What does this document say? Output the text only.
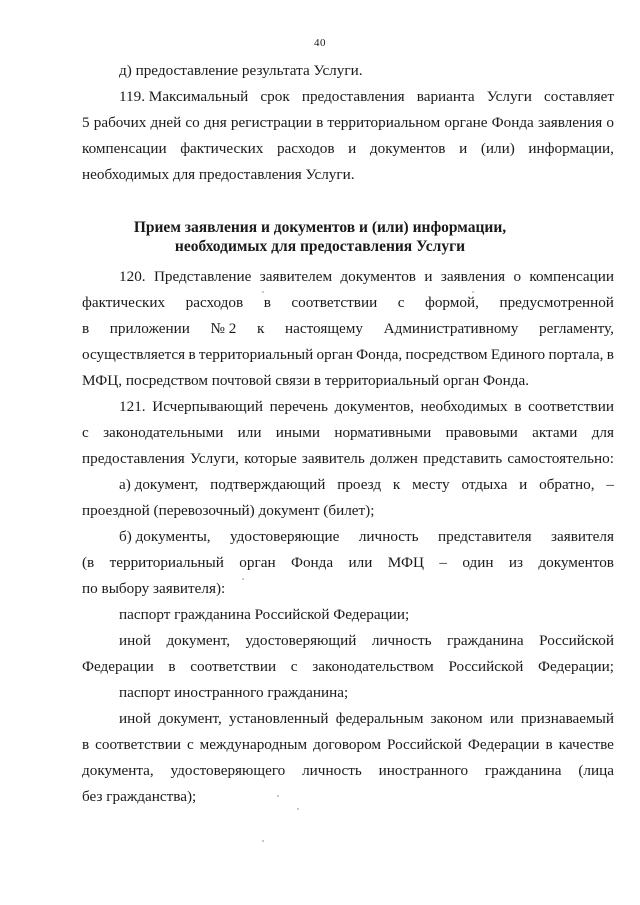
40
д) предоставление результата Услуги.
119. Максимальный срок предоставления варианта Услуги составляет
5 рабочих дней со дня регистрации в территориальном органе Фонда заявления о
компенсации фактических расходов и документов и (или) информации,
необходимых для предоставления Услуги.
120. Представление заявителем документов и заявления о компенсации
фактических расходов в соответствии с формой, предусмотренной
в приложении № 2 к настоящему Административному регламенту,
осуществляется в территориальный орган Фонда, посредством Единого портала, в
МФЦ, посредством почтовой связи в территориальный орган Фонда.
121. Исчерпывающий перечень документов, необходимых в соответствии
с законодательными или иными нормативными правовыми актами для
предоставления Услуги, которые заявитель должен представить самостоятельно:
а) документ, подтверждающий проезд к месту отдыха и обратно, –
проездной (перевозочный) документ (билет);
б) документы, удостоверяющие личность представителя заявителя
(в территориальный орган Фонда или МФЦ – один из документов
по выбору заявителя):
паспорт гражданина Российской Федерации;
иной документ, удостоверяющий личность гражданина Российской
Федерации в соответствии с законодательством Российской Федерации;
паспорт иностранного гражданина;
иной документ, установленный федеральным законом или признаваемый
в соответствии с международным договором Российской Федерации в качестве
документа, удостоверяющего личность иностранного гражданина (лица
без гражданства);
Прием заявления и документов и (или) информации,
необходимых для предоставления Услуги
